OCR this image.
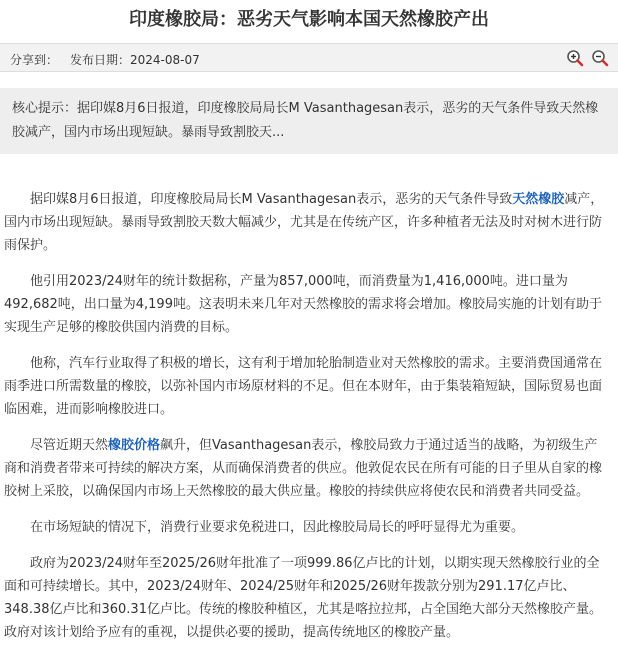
印度橡胶局：恶劣天气影响本国天然橡胶产出
分享到： 发布日期：2024-08-07
核心提示：据印媒8月6日报道，印度橡胶局局长M Vasanthagesan表示，恶劣的天气条件导致天然橡胶减产，国内市场出现短缺。暴雨导致割胶天...

据印媒8月6日报道，印度橡胶局局长M Vasanthagesan表示，恶劣的天气条件导致天然橡胶减产，国内市场出现短缺。暴雨导致割胶天数大幅减少，尤其是在传统产区，许多种植者无法及时对树木进行防雨保护。

他引用2023/24财年的统计数据称，产量为857,000吨，而消费量为1,416,000吨。进口量为492,682吨，出口量为4,199吨。这表明未来几年对天然橡胶的需求将会增加。橡胶局实施的计划有助于实现生产足够的橡胶供国内消费的目标。

他称，汽车行业取得了积极的增长，这有利于增加轮胎制造业对天然橡胶的需求。主要消费国通常在雨季进口所需数量的橡胶，以弥补国内市场原材料的不足。但在本财年，由于集装箱短缺，国际贸易也面临困难，进而影响橡胶进口。

尽管近期天然橡胶价格飙升，但Vasanthagesan表示，橡胶局致力于通过适当的战略，为初级生产商和消费者带来可持续的解决方案，从而确保消费者的供应。他敦促农民在所有可能的日子里从自家的橡胶树上采胶，以确保国内市场上天然橡胶的最大供应量。橡胶的持续供应将使农民和消费者共同受益。

在市场短缺的情况下，消费行业要求免税进口，因此橡胶局局长的呼吁显得尤为重要。

政府为2023/24财年至2025/26财年批准了一项999.86亿卢比的计划，以期实现天然橡胶行业的全面和可持续增长。其中，2023/24财年、2024/25财年和2025/26财年拨款分别为291.17亿卢比、348.38亿卢比和360.31亿卢比。传统的橡胶种植区，尤其是喀拉拉邦，占全国绝大部分天然橡胶产量。政府对该计划给予应有的重视，以提供必要的援助，提高传统地区的橡胶产量。
